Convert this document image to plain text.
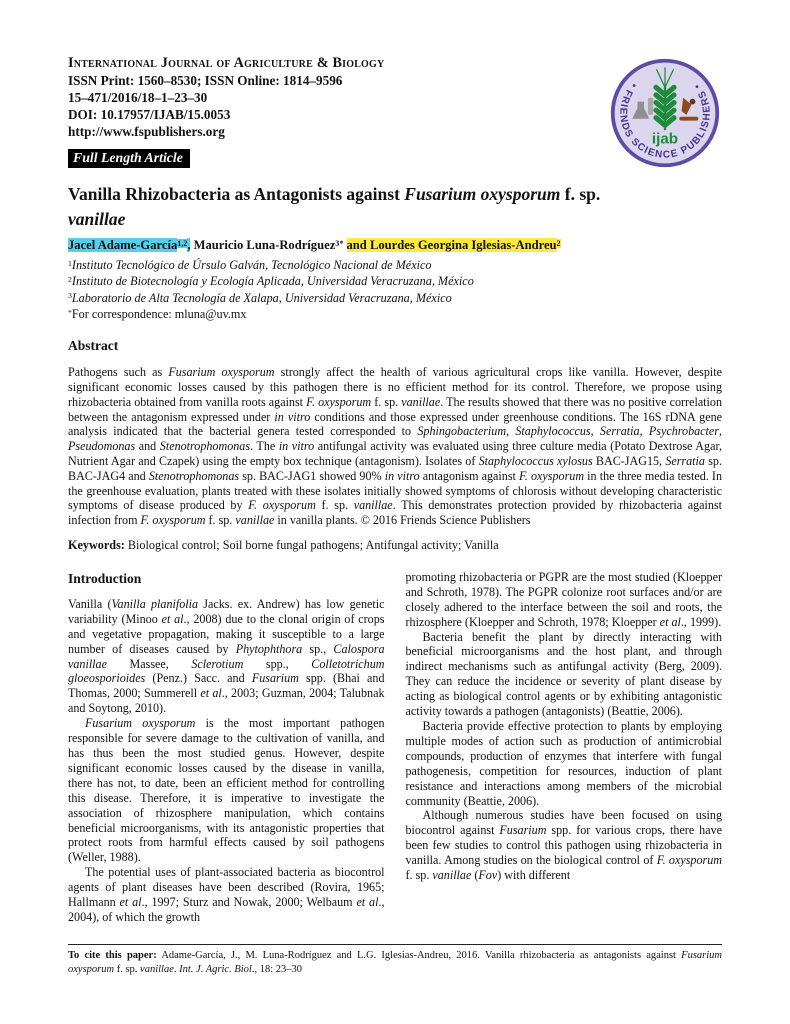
International Journal of Agriculture & Biology
ISSN Print: 1560–8530; ISSN Online: 1814–9596
15–471/2016/18–1–23–30
DOI: 10.17957/IJAB/15.0053
http://www.fspublishers.org
Full Length Article
• FRIENDS SCIENCE PUBLISHERS •
ijab
Vanilla Rhizobacteria as Antagonists against Fusarium oxysporum f. sp.
vanillae
Jacel Adame-García$^{1,2}$, Mauricio Luna-Rodríguez$^{3*}$ and Lourdes Georgina Iglesias-Andreu$^2$
$^1$Instituto Tecnológico de Úrsulo Galván, Tecnológico Nacional de México
$^2$Instituto de Biotecnología y Ecología Aplicada, Universidad Veracruzana, México
$^3$Laboratorio de Alta Tecnología de Xalapa, Universidad Veracruzana, México
*For correspondence: mluna@uv.mx
Abstract

Pathogens such as Fusarium oxysporum strongly affect the health of various agricultural crops like vanilla. However, despite significant economic losses caused by this pathogen there is no efficient method for its control. Therefore, we propose using rhizobacteria obtained from vanilla roots against F. oxysporum f. sp. vanillae. The results showed that there was no positive correlation between the antagonism expressed under in vitro conditions and those expressed under greenhouse conditions. The 16S rDNA gene analysis indicated that the bacterial genera tested corresponded to Sphingobacterium, Staphylococcus, Serratia, Psychrobacter, Pseudomonas and Stenotrophomonas. The in vitro antifungal activity was evaluated using three culture media (Potato Dextrose Agar, Nutrient Agar and Czapek) using the empty box technique (antagonism). Isolates of Staphylococcus xylosus BAC-JAG15, Serratia sp. BAC-JAG4 and Stenotrophomonas sp. BAC-JAG1 showed 90% in vitro antagonism against F. oxysporum in the three media tested. In the greenhouse evaluation, plants treated with these isolates initially showed symptoms of chlorosis without developing characteristic symptoms of disease produced by F. oxysporum f. sp. vanillae. This demonstrates protection provided by rhizobacteria against infection from F. oxysporum f. sp. vanillae in vanilla plants. © 2016 Friends Science Publishers

Keywords: Biological control; Soil borne fungal pathogens; Antifungal activity; Vanilla

Introduction

Vanilla (Vanilla planifolia Jacks. ex. Andrew) has low genetic variability (Minoo et al., 2008) due to the clonal origin of crops and vegetative propagation, making it susceptible to a large number of diseases caused by Phytophthora sp., Calospora vanillae Massee, Sclerotium spp., Colletotrichum gloeosporioides (Penz.) Sacc. and Fusarium spp. (Bhai and Thomas, 2000; Summerell et al., 2003; Guzman, 2004; Talubnak and Soytong, 2010).

Fusarium oxysporum is the most important pathogen responsible for severe damage to the cultivation of vanilla, and has thus been the most studied genus. However, despite significant economic losses caused by the disease in vanilla, there has not, to date, been an efficient method for controlling this disease. Therefore, it is imperative to investigate the association of rhizosphere manipulation, which contains beneficial microorganisms, with its antagonistic properties that protect roots from harmful effects caused by soil pathogens (Weller, 1988).

The potential uses of plant-associated bacteria as biocontrol agents of plant diseases have been described (Rovira, 1965; Hallmann et al., 1997; Sturz and Nowak, 2000; Welbaum et al., 2004), of which the growth

promoting rhizobacteria or PGPR are the most studied (Kloepper and Schroth, 1978). The PGPR colonize root surfaces and/or are closely adhered to the interface between the soil and roots, the rhizosphere (Kloepper and Schroth, 1978; Kloepper et al., 1999).

Bacteria benefit the plant by directly interacting with beneficial microorganisms and the host plant, and through indirect mechanisms such as antifungal activity (Berg, 2009). They can reduce the incidence or severity of plant disease by acting as biological control agents or by exhibiting antagonistic activity towards a pathogen (antagonists) (Beattie, 2006).

Bacteria provide effective protection to plants by employing multiple modes of action such as production of antimicrobial compounds, production of enzymes that interfere with fungal pathogenesis, competition for resources, induction of plant resistance and interactions among members of the microbial community (Beattie, 2006).

Although numerous studies have been focused on using biocontrol against Fusarium spp. for various crops, there have been few studies to control this pathogen using rhizobacteria in vanilla. Among studies on the biological control of F. oxysporum f. sp. vanillae (Fov) with different

To cite this paper: Adame-García, J., M. Luna-Rodríguez and L.G. Iglesias-Andreu, 2016. Vanilla rhizobacteria as antagonists against Fusarium oxysporum f. sp. vanillae. Int. J. Agric. Biol., 18: 23–30
